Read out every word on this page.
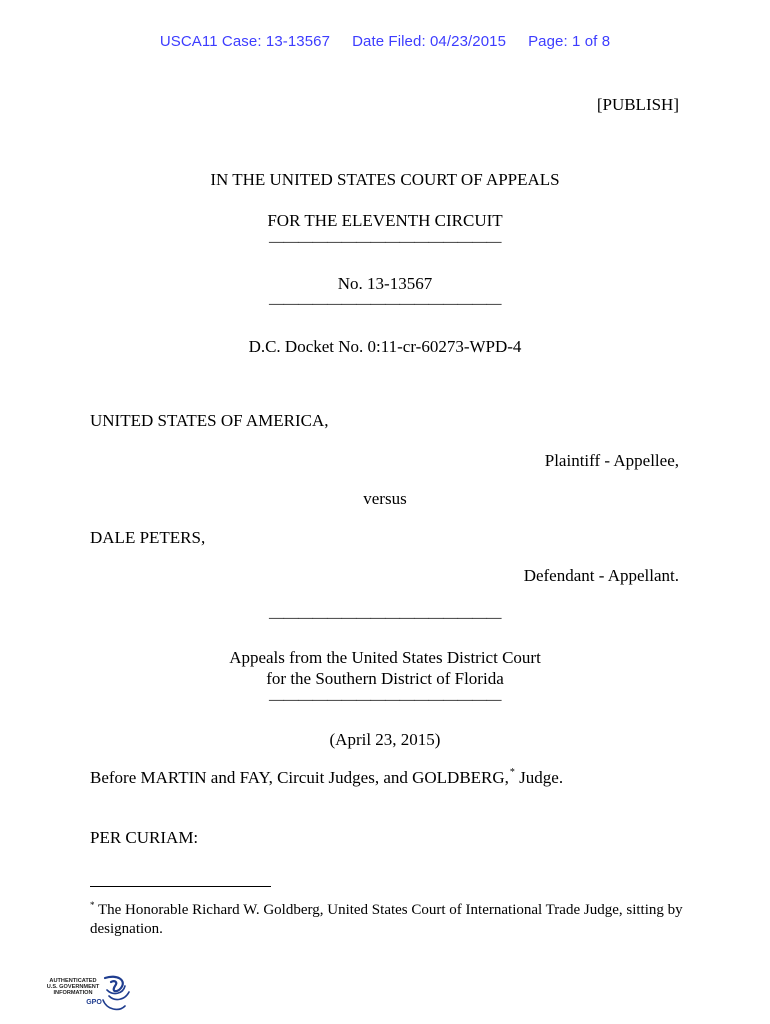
USCA11 Case: 13-13567 Date Filed: 04/23/2015 Page: 1 of 8
[PUBLISH]
IN THE UNITED STATES COURT OF APPEALS
FOR THE ELEVENTH CIRCUIT
————————————————
No. 13-13567
————————————————
D.C. Docket No. 0:11-cr-60273-WPD-4
UNITED STATES OF AMERICA,
Plaintiff - Appellee,
versus
DALE PETERS,
Defendant - Appellant.
————————————————
Appeals from the United States District Court
for the Southern District of Florida
————————————————
(April 23, 2015)
Before MARTIN and FAY, Circuit Judges, and GOLDBERG,* Judge.
PER CURIAM:
* The Honorable Richard W. Goldberg, United States Court of International Trade Judge, sitting by designation.
AUTHENTICATED
U.S. GOVERNMENT
INFORMATION
GPO
